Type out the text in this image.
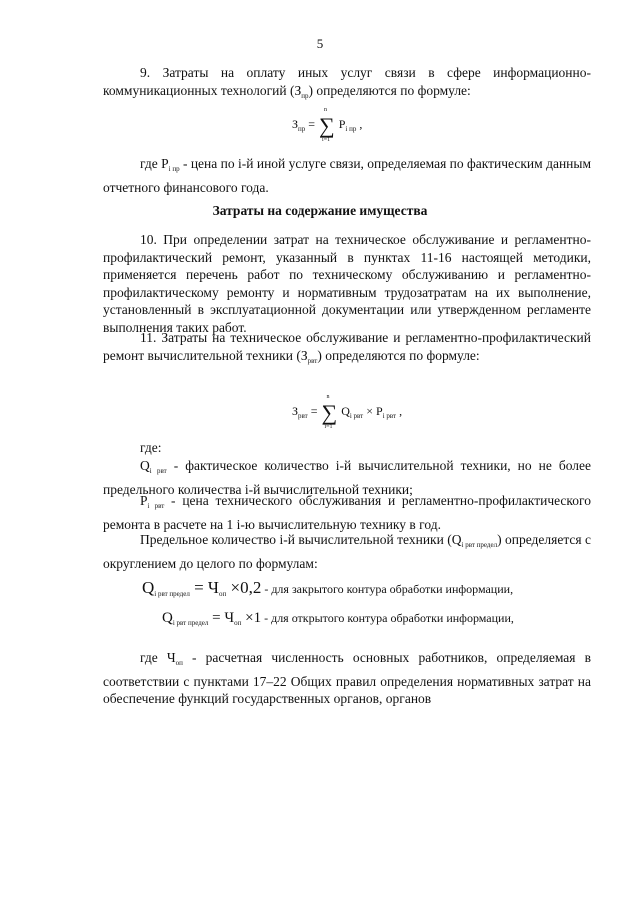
5

9. Затраты на оплату иных услуг связи в сфере информационно-коммуникационных технологий $(З_{пр})$ определяются по формуле:

$З_{пр}$ = ∑
n
i=1
$P_{i пр}$ ,

где $P_{i пр}$ - цена по i-й иной услуге связи, определяемая по фактическим данным отчетного финансового года.

Затраты на содержание имущества

10. При определении затрат на техническое обслуживание и регламентно-профилактический ремонт, указанный в пунктах 11-16 настоящей методики, применяется перечень работ по техническому обслуживанию и регламентно-профилактическому ремонту и нормативным трудозатратам на их выполнение, установленный в эксплуатационной документации или утвержденном регламенте выполнения таких работ.

11. Затраты на техническое обслуживание и регламентно-профилактический ремонт вычислительной техники $(З_{рвт})$ определяются по формуле:

$З_{рвт}$ = ∑
n
i=1
$Q_{i рвт} \times P_{i рвт}$ ,

где:

$Q_{i рвт}$ - фактическое количество i-й вычислительной техники, но не более предельного количества i-й вычислительной техники;

$P_{i рвт}$ - цена технического обслуживания и регламентно-профилактического ремонта в расчете на 1 i-ю вычислительную технику в год.

Предельное количество i-й вычислительной техники $(Q_{i рвт предел})$ определяется с округлением до целого по формулам:

$Q_{i рвт предел} = Ч_{оп} \times 0,2$ - для закрытого контура обработки информации,
$Q_{i рвт предел} = Ч_{оп} \times 1$ - для открытого контура обработки информации,

где $Ч_{оп}$ - расчетная численность основных работников, определяемая в соответствии с пунктами 17–22 Общих правил определения нормативных затрат на обеспечение функций государственных органов, органов
